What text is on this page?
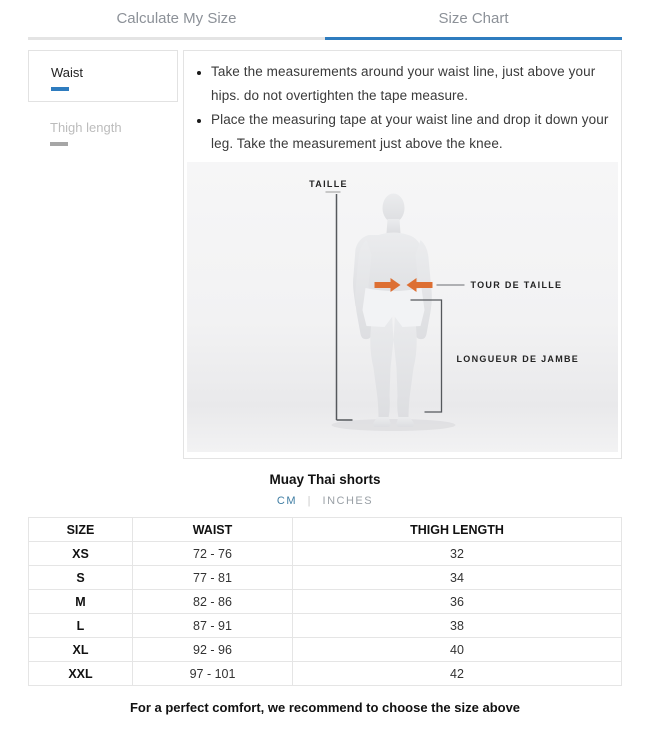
Calculate My Size	Size Chart
Waist
Thigh length
• Take the measurements around your waist line, just above your hips. do not overtighten the tape measure.
• Place the measuring tape at your waist line and drop it down your leg. Take the measurement just above the knee.
TAILLE
TOUR DE TAILLE
LONGUEUR DE JAMBE
Muay Thai shorts
CM | INCHES
SIZE	WAIST	THIGH LENGTH
XS	72 - 76	32
S	77 - 81	34
M	82 - 86	36
L	87 - 91	38
XL	92 - 96	40
XXL	97 - 101	42
For a perfect comfort, we recommend to choose the size above
